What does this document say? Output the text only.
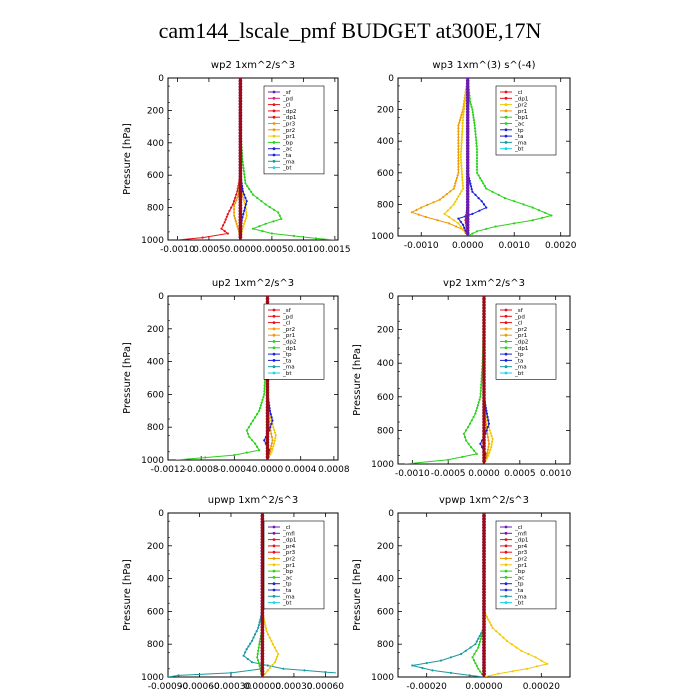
cam144_lscale_pmf BUDGET at300E,17N
wp2 1xm^2/s^3
Pressure [hPa]
0
200
400
600
800
1000
-0.0010
0.0005 0.0000 0.0005 0.0010 0.0015
_sf
_pd
_cl
_dp2
_dp1
_pr3
_pr2
_pr1
_bp
_ac
_ta
_ma
_bt
wp3 1xm^(3) s^(-4)
0
200
400
600
800
1000
-0.0010 0.0000 0.0010 0.0020
_cl
_dp1
_pr2
_pr1
_bp1
_ac
_tp
_ta
_ma
_bt
up2 1xm^2/s^3
Pressure [hPa]
0
200
400
600
800
1000
-0.0012
-0.0008
-0.0004 0.0000 0.0004 0.0008
_sf
_pd
_cl
_pr2
_pr1
_dp2
_dp1
_tp
_ta
_ma
_bt
vp2 1xm^2/s^3
Pressure [hPa]
0
200
400
600
800
1000
-0.0010 -0.0005 0.0000 0.0005 0.0010
_sf
_pd
_cl
_pr2
_pr1
_dp2
_dp1
_tp
_ta
_ma
_bt
upwp 1xm^2/s^3
Pressure [hPa]
0
200
400
600
800
1000
-0.00090
-0.00060
-0.00030
0.00000
0.00030
0.00060
_cl
_mfl
_dp1
_pr4
_pr3
_pr2
_pr1
_bp
_ac
_tp
_ta
_ma
_bt
vpwp 1xm^2/s^3
Pressure [hPa]
0
200
400
600
800
1000
-0.00020 0.00000 0.00020
_cl
_mfl
_dp1
_pr4
_pr3
_pr2
_pr1
_bp
_ac
_tp
_ta
_ma
_bt
